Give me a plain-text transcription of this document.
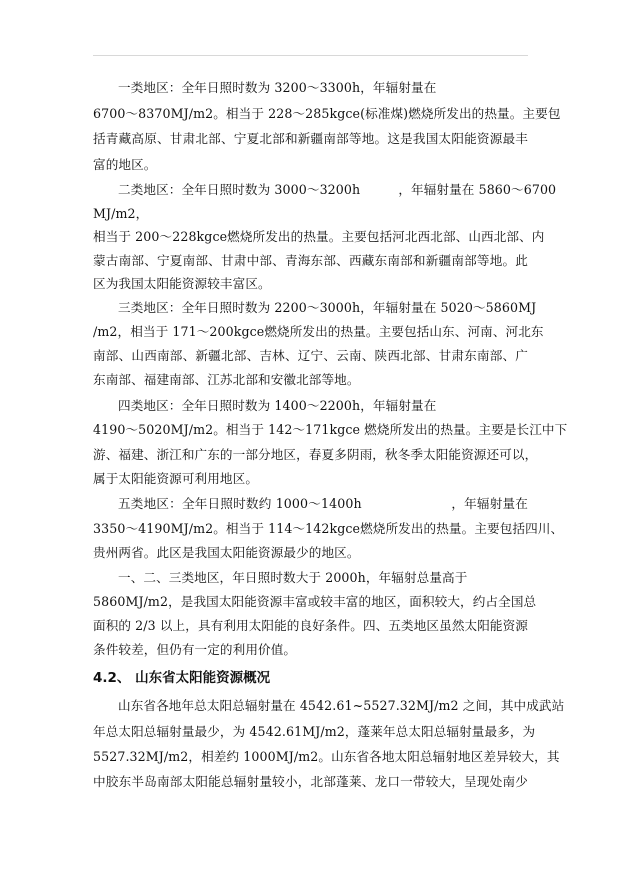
一类地区：全年日照时数为 3200～3300h，年辐射量在
6700～8370MJ/m2。相当于 228～285kgce(标准煤)燃烧所发出的热量。主要包
括青藏高原、甘肃北部、宁夏北部和新疆南部等地。这是我国太阳能资源最丰
富的地区。
二类地区：全年日照时数为 3000～3200h　　　，年辐射量在 5860～6700
MJ/m2，
相当于 200～228kgce燃烧所发出的热量。主要包括河北西北部、山西北部、内
蒙古南部、宁夏南部、甘肃中部、青海东部、西藏东南部和新疆南部等地。此
区为我国太阳能资源较丰富区。
三类地区：全年日照时数为 2200～3000h，年辐射量在 5020～5860MJ
/m2，相当于 171～200kgce燃烧所发出的热量。主要包括山东、河南、河北东
南部、山西南部、新疆北部、吉林、辽宁、云南、陕西北部、甘肃东南部、广
东南部、福建南部、江苏北部和安徽北部等地。
四类地区：全年日照时数为 1400～2200h，年辐射量在
4190～5020MJ/m2。相当于 142～171kgce 燃烧所发出的热量。主要是长江中下
游、福建、浙江和广东的一部分地区，春夏多阴雨，秋冬季太阳能资源还可以，
属于太阳能资源可利用地区。
五类地区：全年日照时数约 1000～1400h　　　　　　　，年辐射量在
3350～4190MJ/m2。相当于 114～142kgce燃烧所发出的热量。主要包括四川、
贵州两省。此区是我国太阳能资源最少的地区。
一、二、三类地区，年日照时数大于 2000h，年辐射总量高于
5860MJ/m2，是我国太阳能资源丰富或较丰富的地区，面积较大，约占全国总
面积的 2/3 以上，具有利用太阳能的良好条件。四、五类地区虽然太阳能资源
条件较差，但仍有一定的利用价值。
4.2、 山东省太阳能资源概况
山东省各地年总太阳总辐射量在 4542.61~5527.32MJ/m2 之间，其中成武站
年总太阳总辐射量最少，为 4542.61MJ/m2，蓬莱年总太阳总辐射量最多，为
5527.32MJ/m2，相差约 1000MJ/m2。山东省各地太阳总辐射地区差异较大，其
中胶东半岛南部太阳能总辐射量较小，北部蓬莱、龙口一带较大，呈现处南少
